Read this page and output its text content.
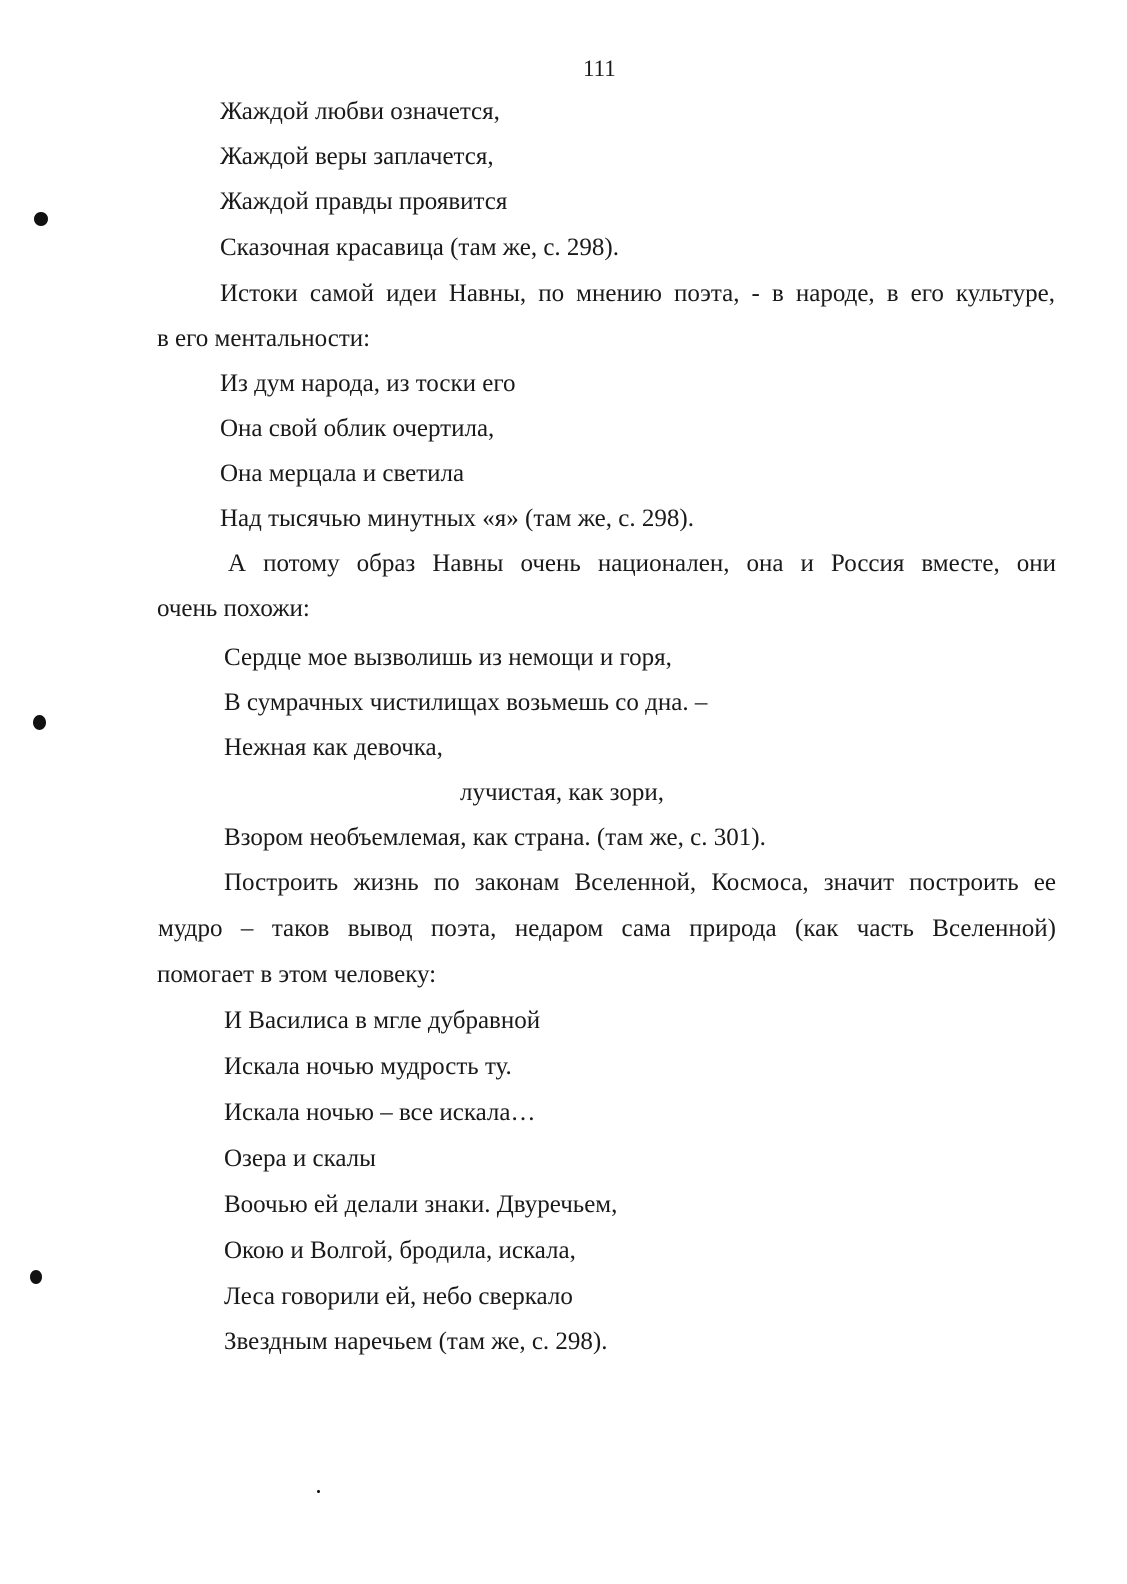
111
Жаждой любви означется,
Жаждой веры заплачется,
Жаждой правды проявится
Сказочная красавица (там же, с. 298).
Истоки самой идеи Навны, по мнению поэта, - в народе, в его культуре,
в его ментальности:
Из дум народа, из тоски его
Она свой облик очертила,
Она мерцала и светила
Над тысячью минутных «я» (там же, с. 298).
А потому образ Навны очень национален, она и Россия вместе, они
очень похожи:
Сердце мое вызволишь из немощи и горя,
В сумрачных чистилищах возьмешь со дна. –
Нежная как девочка,
лучистая, как зори,
Взором необъемлемая, как страна. (там же, с. 301).
Построить жизнь по законам Вселенной, Космоса, значит построить ее
мудро – таков вывод поэта, недаром сама природа (как часть Вселенной)
помогает в этом человеку:
И Василиса в мгле дубравной
Искала ночью мудрость ту.
Искала ночью – все искала…
Озера и скалы
Воочью ей делали знаки. Двуречьем,
Окою и Волгой, бродила, искала,
Леса говорили ей, небо сверкало
Звездным наречьем (там же, с. 298).
